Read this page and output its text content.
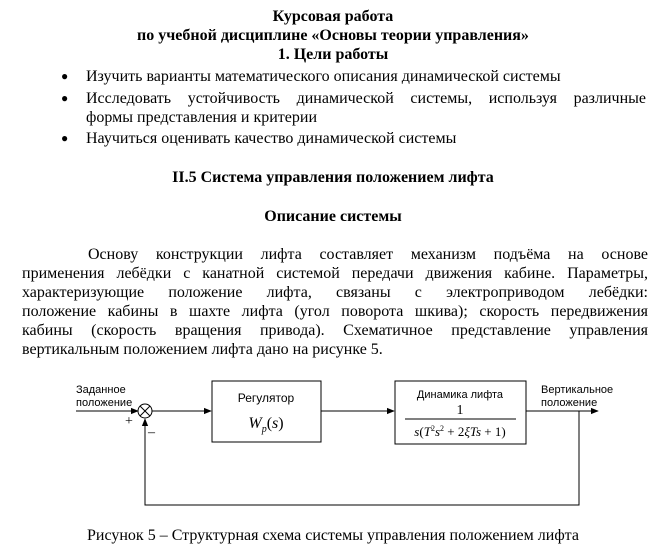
Курсовая работа
по учебной дисциплине «Основы теории управления»
1. Цели работы
● Изучить варианты математического описания динамической системы
● Исследовать устойчивость динамической системы, используя различные
формы представления и критерии
● Научиться оценивать качество динамической системы
II.5 Система управления положением лифта
Описание системы
Основу конструкции лифта составляет механизм подъёма на основе
применения лебёдки с канатной системой передачи движения кабине. Параметры,
характеризующие положение лифта, связаны с электроприводом лебёдки:
положение кабины в шахте лифта (угол поворота шкива); скорость передвижения
кабины (скорость вращения привода). Схематичное представление управления
вертикальным положением лифта дано на рисунке 5.
Заданное
положение
Вертикальное
положение
+
–
Регулятор
$W_p(s)$
Динамика лифта
1
$s(T^2s^2 + 2\xi Ts + 1)$
Рисунок 5 – Структурная схема системы управления положением лифта
